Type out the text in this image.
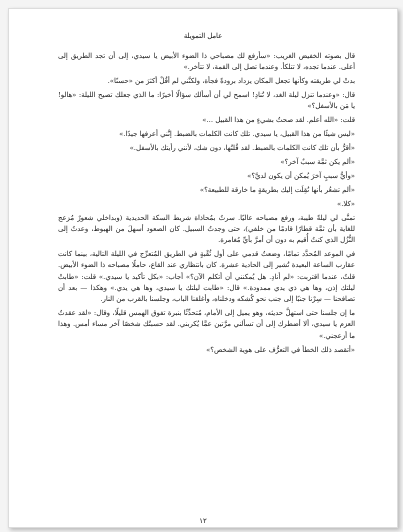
عامل التمويلة

قال بصوته الخفيض الغريب: «سأرفع لك مصباحي ذا الضوء الأبيض يا سيدي، إلى أن تجد الطريق إلى أعلى. عندما تجده، لا تتلكأ. وعندما تصل إلى القمة، لا تتأخر.»

بدتْ لي طريقته وكأنها تجعل المكان يزداد برودةً فجأة، ولكنَّني لم أقُلْ أكثرَ من «حسنًا».

قال: «وعندما تنزل ليلة الغد، لا تُنادِ! اسمح لي أن أسألك سؤالًا أخيرًا: ما الذي جعلك تصيح الليلة: «هالو! يا مَن بالأسفل؟»

قلت: «الله أعلم. لقد صحتُ بشيءٍ من هذا القبيل ...»

«ليس شيئًا من هذا القبيل، يا سيدي. تلك كانت الكلمات بالضبط. إنَّني أعرفها جيدًا.»

«أقرُّ بأن تلك كانت الكلمات بالضبط. لقد قُلتُها، دون شك، لأنني رأيتك بالأسفل.»

«ألم يكن ثمَّة سببٌ آخر؟»

«وأيُّ سببٍ آخرَ يُمكن أن يكون لديَّ؟»

«ألم تشعُر بأنها نُقِلَت إليك بطريقةٍ ما خارقة للطبيعة؟»

«كلا.»

تمنَّى لي ليلةً طيبة، ورفع مصباحه عاليًا. سرتُ بمُحاذاة شريط السكة الحديدية (وبداخلي شعورٌ مُزعج للغاية بأن ثمَّة قطارًا قادمًا من خلفي)، حتى وجدتُ السبيل. كان الصعود أسهلَ من الهبوط، وعدتُ إلى النُّزُل الذي كنتُ أُقيم به دون أن أمرَّ بأيِّ مُغامرة.

في الموعد المُحدَّد تمامًا، وضعتُ قدمي على أول ثُقْبةٍ في الطريق المُتعرِّج في الليلة التالية، بينما كانت عقارب الساعة البعيدة تُشير إلى الحادية عشرة. كان بانتظاري عند القاع، حاملًا مصباحه ذا الضوء الأبيض. قلتُ، عندما اقتربت: «لم أنادِ. هل يُمكنني أن أتكلم الآن؟» أجاب: «بكل تأكيد يا سيدي.» قلت: «طابتْ ليلتك إذن، وها هي ذي يدي ممدودة.» قال: «طابت ليلتك يا سيدي، وها هي يدي.» وهكذا — بعد أن تصافحنا — سِرْنا جنبًا إلى جنب نحو كُشكه ودخلناه، وأغلقنا الباب، وجلسنا بالقرب من النار.

ما إن جلسنا حتى استهلَّ حديثه، وهو يميل إلى الأمام، مُتحدِّثًا بنبرة تفوق الهمس قليلًا، وقال: «لقد عقدتُ العزم يا سيدي، ألا أضطرك إلى أن تسألني مرَّتين عمَّا يُكربني. لقد حسبتُك شخصًا آخر مساء أمس. وهذا ما أزعجني.»

«أتقصد ذلك الخطأ في التعرُّف على هوية الشخص؟»

١٢
